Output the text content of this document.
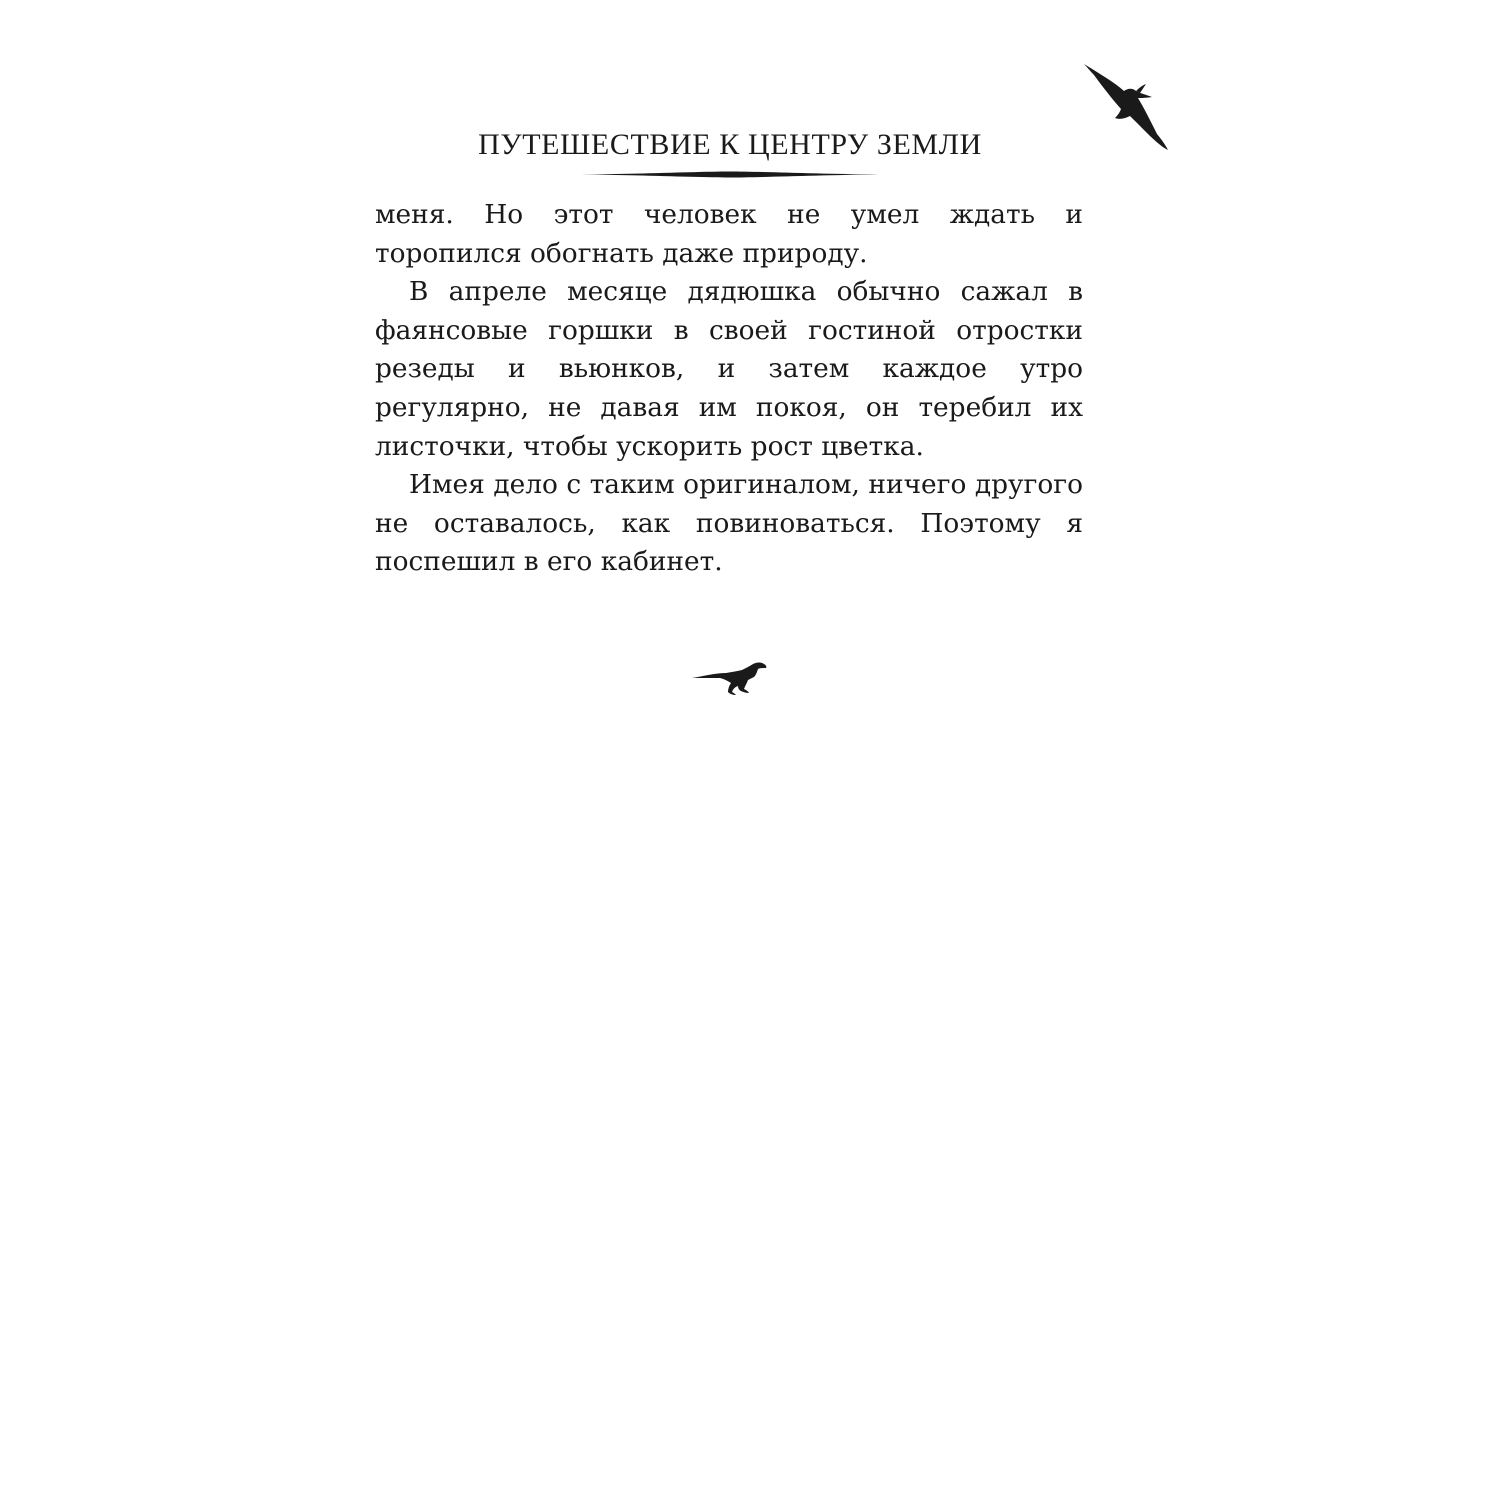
ПУТЕШЕСТВИЕ К ЦЕНТРУ ЗЕМЛИ

меня. Но этот человек не умел ждать и торопился обогнать даже природу.

В апреле месяце дядюшка обычно сажал в фаянсовые горшки в своей гостиной отростки резеды и вьюнков, и затем каждое утро регулярно, не давая им покоя, он теребил их листочки, чтобы ускорить рост цветка.

Имея дело с таким оригиналом, ничего другого не оставалось, как повиноваться. Поэтому я поспешил в его кабинет.
